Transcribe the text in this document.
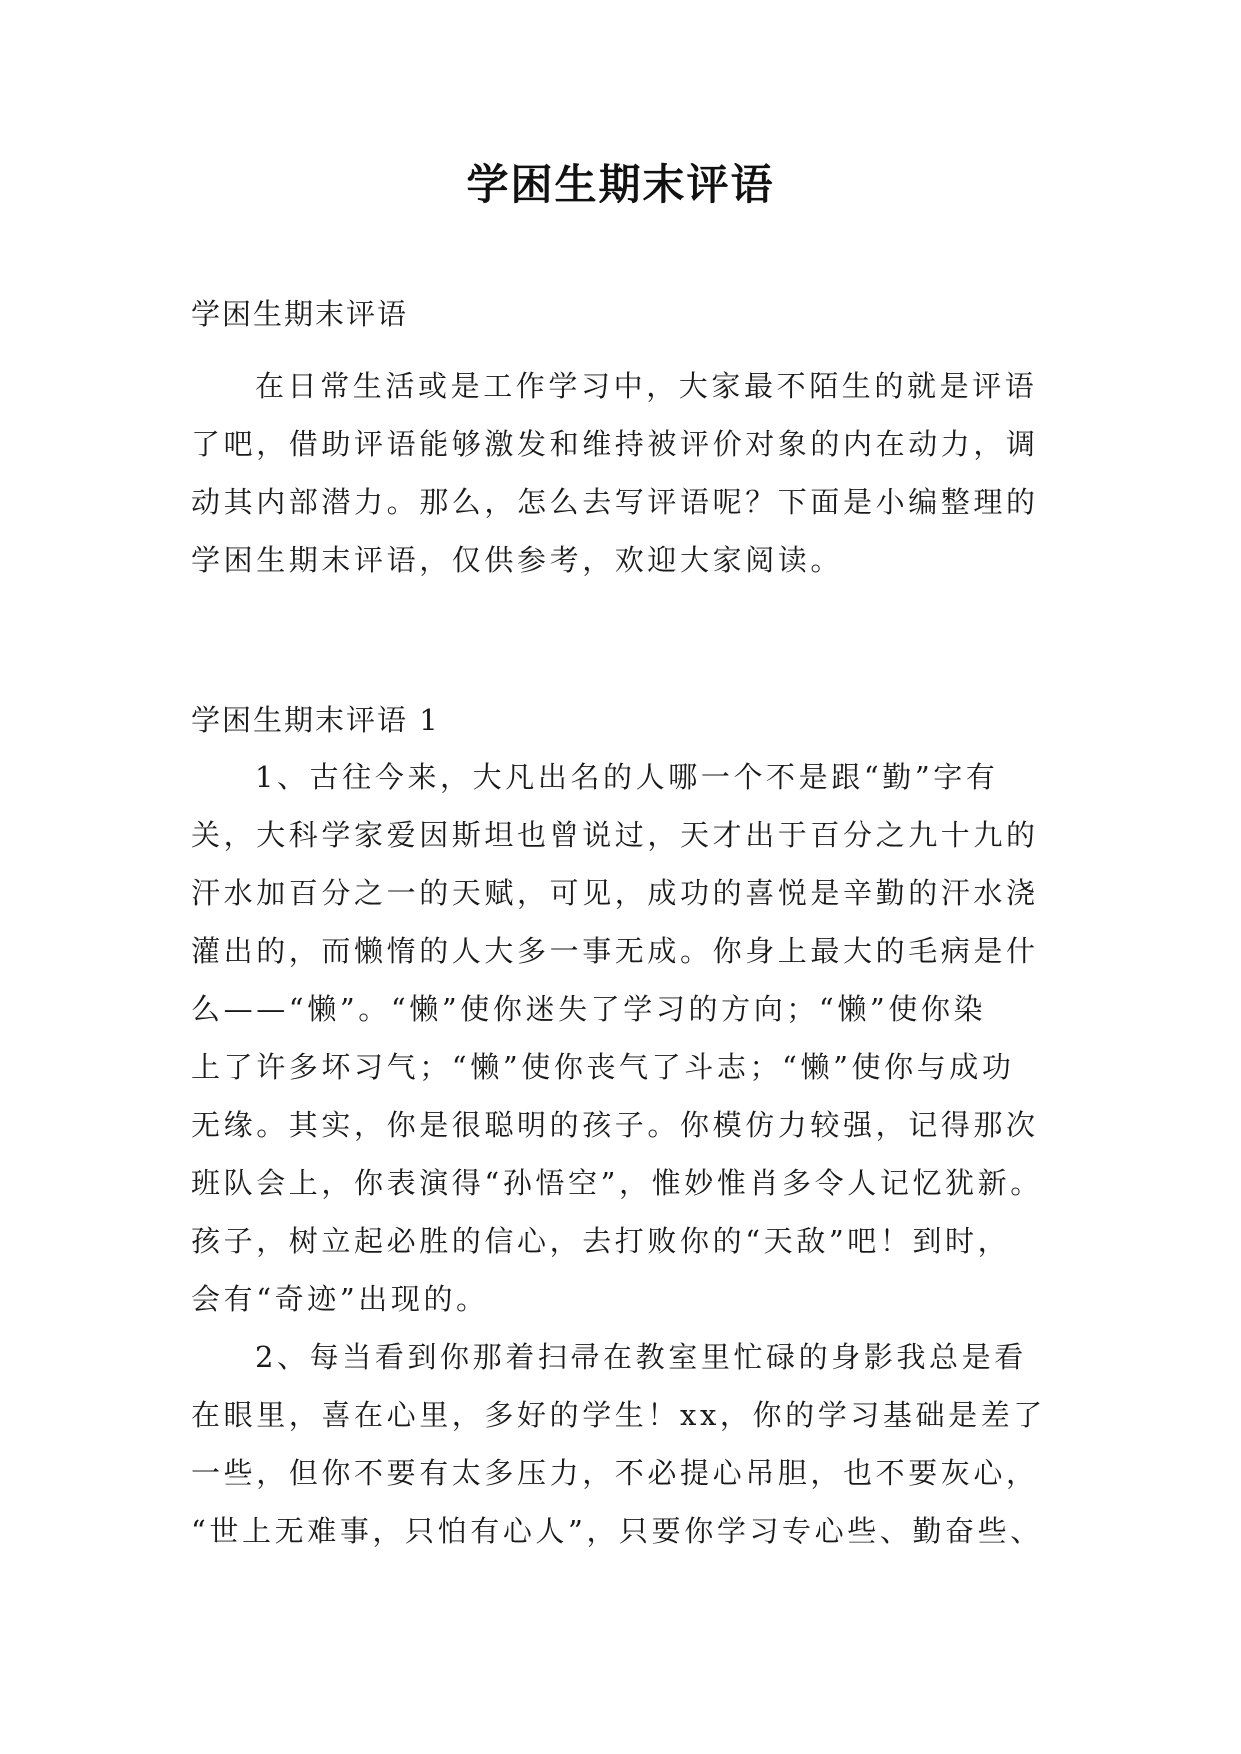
学困生期末评语
学困生期末评语
在日常生活或是工作学习中，大家最不陌生的就是评语
了吧，借助评语能够激发和维持被评价对象的内在动力，调
动其内部潜力。那么，怎么去写评语呢？下面是小编整理的
学困生期末评语，仅供参考，欢迎大家阅读。
学困生期末评语 1
1、古往今来，大凡出名的人哪一个不是跟“勤”字有
关，大科学家爱因斯坦也曾说过，天才出于百分之九十九的
汗水加百分之一的天赋，可见，成功的喜悦是辛勤的汗水浇
灌出的，而懒惰的人大多一事无成。你身上最大的毛病是什
么——“懒”。“懒”使你迷失了学习的方向；“懒”使你染
上了许多坏习气；“懒”使你丧气了斗志；“懒”使你与成功
无缘。其实，你是很聪明的孩子。你模仿力较强，记得那次
班队会上，你表演得“孙悟空”，惟妙惟肖多令人记忆犹新。
孩子，树立起必胜的信心，去打败你的“天敌”吧！到时，
会有“奇迹”出现的。
2、每当看到你那着扫帚在教室里忙碌的身影我总是看
在眼里，喜在心里，多好的学生！xx，你的学习基础是差了
一些，但你不要有太多压力，不必提心吊胆，也不要灰心，
“世上无难事，只怕有心人”，只要你学习专心些、勤奋些、
